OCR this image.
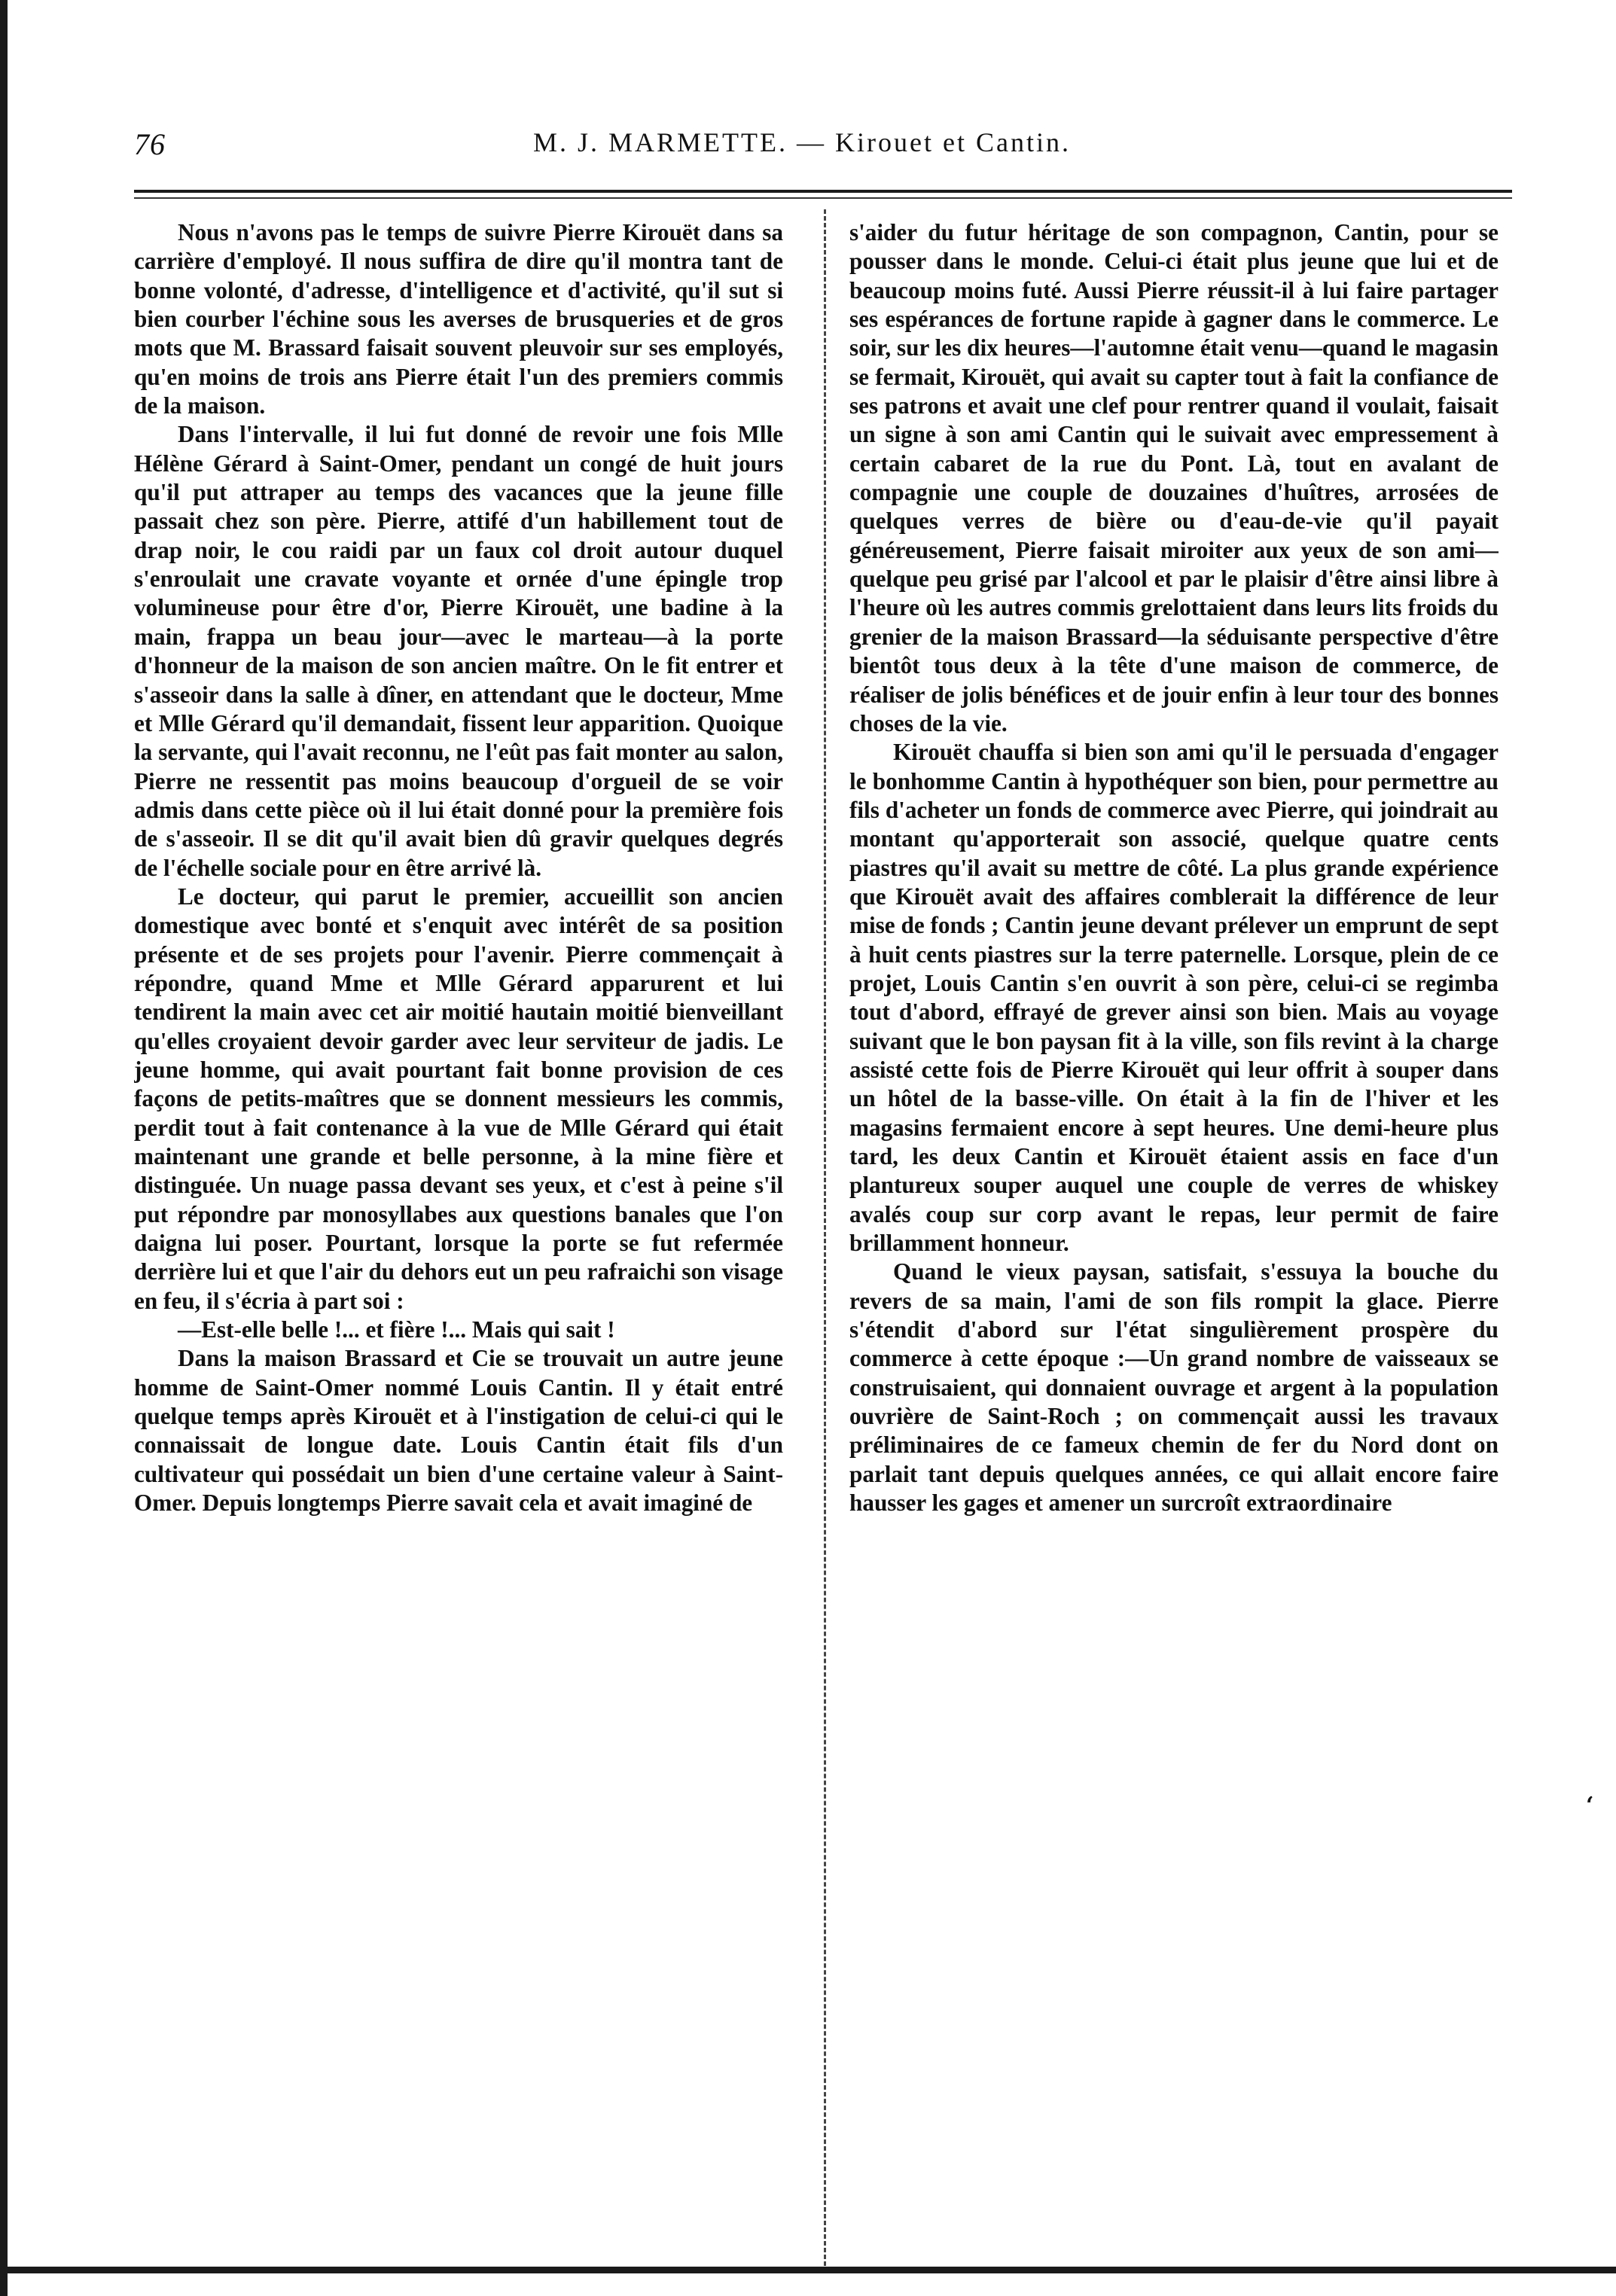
76	M. J. MARMETTE. — Kirouet et Cantin.

Nous n'avons pas le temps de suivre Pierre Kirouët dans sa carrière d'employé. Il nous suffira de dire qu'il montra tant de bonne volonté, d'adresse, d'intelligence et d'activité, qu'il sut si bien courber l'échine sous les averses de brusqueries et de gros mots que M. Brassard faisait souvent pleuvoir sur ses employés, qu'en moins de trois ans Pierre était l'un des premiers commis de la maison.

Dans l'intervalle, il lui fut donné de revoir une fois Mlle Hélène Gérard à Saint-Omer, pendant un congé de huit jours qu'il put attraper au temps des vacances que la jeune fille passait chez son père. Pierre, attifé d'un habillement tout de drap noir, le cou raidi par un faux col droit autour duquel s'enroulait une cravate voyante et ornée d'une épingle trop volumineuse pour être d'or, Pierre Kirouët, une badine à la main, frappa un beau jour—avec le marteau—à la porte d'honneur de la maison de son ancien maître. On le fit entrer et s'asseoir dans la salle à dîner, en attendant que le docteur, Mme et Mlle Gérard qu'il demandait, fissent leur apparition. Quoique la servante, qui l'avait reconnu, ne l'eût pas fait monter au salon, Pierre ne ressentit pas moins beaucoup d'orgueil de se voir admis dans cette pièce où il lui était donné pour la première fois de s'asseoir. Il se dit qu'il avait bien dû gravir quelques degrés de l'échelle sociale pour en être arrivé là.

Le docteur, qui parut le premier, accueillit son ancien domestique avec bonté et s'enquit avec intérêt de sa position présente et de ses projets pour l'avenir. Pierre commençait à répondre, quand Mme et Mlle Gérard apparurent et lui tendirent la main avec cet air moitié hautain moitié bienveillant qu'elles croyaient devoir garder avec leur serviteur de jadis. Le jeune homme, qui avait pourtant fait bonne provision de ces façons de petits-maîtres que se donnent messieurs les commis, perdit tout à fait contenance à la vue de Mlle Gérard qui était maintenant une grande et belle personne, à la mine fière et distinguée. Un nuage passa devant ses yeux, et c'est à peine s'il put répondre par monosyllabes aux questions banales que l'on daigna lui poser. Pourtant, lorsque la porte se fut refermée derrière lui et que l'air du dehors eut un peu rafraichi son visage en feu, il s'écria à part soi :

—Est-elle belle !... et fière !... Mais qui sait !

Dans la maison Brassard et Cie se trouvait un autre jeune homme de Saint-Omer nommé Louis Cantin. Il y était entré quelque temps après Kirouët et à l'instigation de celui-ci qui le connaissait de longue date. Louis Cantin était fils d'un cultivateur qui possédait un bien d'une certaine valeur à Saint-Omer. Depuis longtemps Pierre savait cela et avait imaginé de

s'aider du futur héritage de son compagnon, Cantin, pour se pousser dans le monde. Celui-ci était plus jeune que lui et de beaucoup moins futé. Aussi Pierre réussit-il à lui faire partager ses espérances de fortune rapide à gagner dans le commerce. Le soir, sur les dix heures—l'automne était venu—quand le magasin se fermait, Kirouët, qui avait su capter tout à fait la confiance de ses patrons et avait une clef pour rentrer quand il voulait, faisait un signe à son ami Cantin qui le suivait avec empressement à certain cabaret de la rue du Pont. Là, tout en avalant de compagnie une couple de douzaines d'huîtres, arrosées de quelques verres de bière ou d'eau-de-vie qu'il payait généreusement, Pierre faisait miroiter aux yeux de son ami—quelque peu grisé par l'alcool et par le plaisir d'être ainsi libre à l'heure où les autres commis grelottaient dans leurs lits froids du grenier de la maison Brassard—la séduisante perspective d'être bientôt tous deux à la tête d'une maison de commerce, de réaliser de jolis bénéfices et de jouir enfin à leur tour des bonnes choses de la vie.

Kirouët chauffa si bien son ami qu'il le persuada d'engager le bonhomme Cantin à hypothéquer son bien, pour permettre au fils d'acheter un fonds de commerce avec Pierre, qui joindrait au montant qu'apporterait son associé, quelque quatre cents piastres qu'il avait su mettre de côté. La plus grande expérience que Kirouët avait des affaires comblerait la différence de leur mise de fonds ; Cantin jeune devant prélever un emprunt de sept à huit cents piastres sur la terre paternelle. Lorsque, plein de ce projet, Louis Cantin s'en ouvrit à son père, celui-ci se regimba tout d'abord, effrayé de grever ainsi son bien. Mais au voyage suivant que le bon paysan fit à la ville, son fils revint à la charge assisté cette fois de Pierre Kirouët qui leur offrit à souper dans un hôtel de la basse-ville. On était à la fin de l'hiver et les magasins fermaient encore à sept heures. Une demi-heure plus tard, les deux Cantin et Kirouët étaient assis en face d'un plantureux souper auquel une couple de verres de whiskey avalés coup sur corp avant le repas, leur permit de faire brillamment honneur.

Quand le vieux paysan, satisfait, s'essuya la bouche du revers de sa main, l'ami de son fils rompit la glace. Pierre s'étendit d'abord sur l'état singulièrement prospère du commerce à cette époque :—Un grand nombre de vaisseaux se construisaient, qui donnaient ouvrage et argent à la population ouvrière de Saint-Roch ; on commençait aussi les travaux préliminaires de ce fameux chemin de fer du Nord dont on parlait tant depuis quelques années, ce qui allait encore faire hausser les gages et amener un surcroît extraordinaire

‘
